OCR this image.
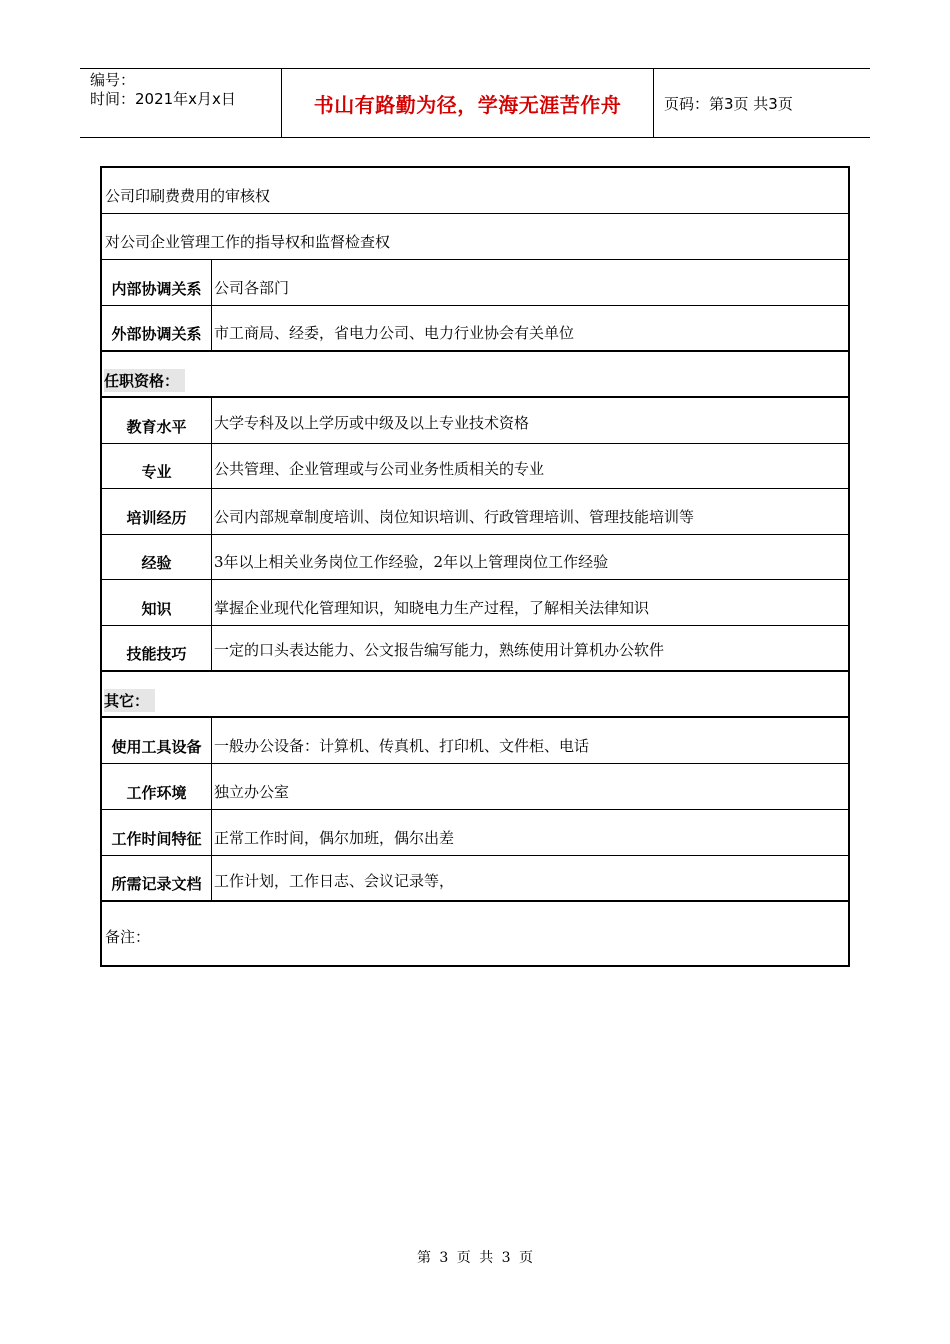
编号：
时间：2021年x月x日	书山有路勤为径，学海无涯苦作舟	页码：第3页 共3页
公司印刷费费用的审核权
对公司企业管理工作的指导权和监督检查权
内部协调关系 公司各部门
外部协调关系 市工商局、经委，省电力公司、电力行业协会有关单位
任职资格：
教育水平	大学专科及以上学历或中级及以上专业技术资格
专业	公共管理、企业管理或与公司业务性质相关的专业
培训经历	公司内部规章制度培训、岗位知识培训、行政管理培训、管理技能培训等
经验	3年以上相关业务岗位工作经验，2年以上管理岗位工作经验
知识	掌握企业现代化管理知识，知晓电力生产过程，了解相关法律知识
技能技巧	一定的口头表达能力、公文报告编写能力，熟练使用计算机办公软件
其它：
使用工具设备 一般办公设备：计算机、传真机、打印机、文件柜、电话
工作环境	独立办公室
工作时间特征 正常工作时间，偶尔加班，偶尔出差
所需记录文档 工作计划，工作日志、会议记录等，
备注：
第 3 页 共 3 页
